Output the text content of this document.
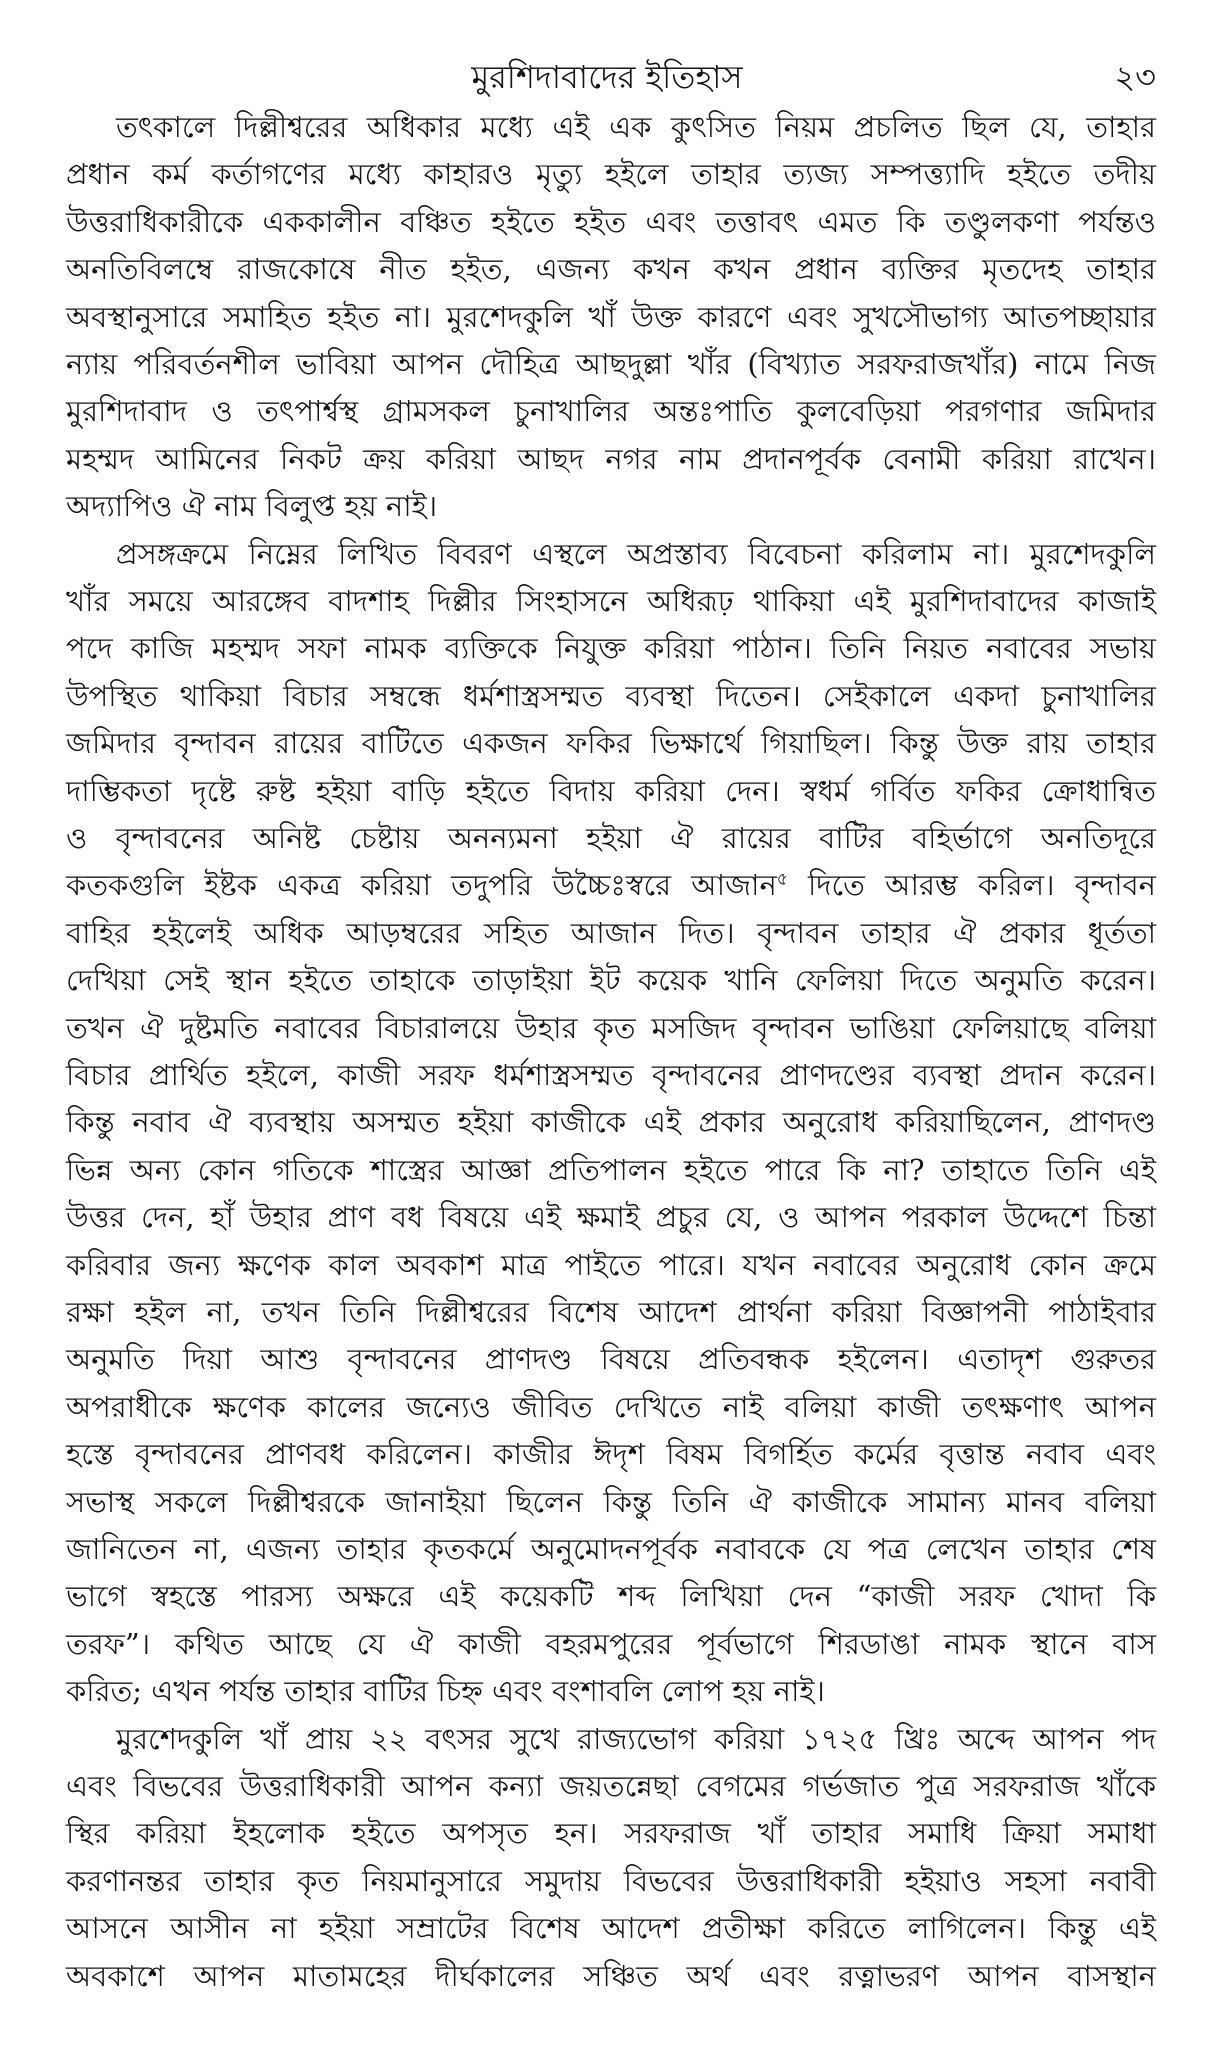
মুরশিদাবাদের ইতিহাস	২৩
তৎকালে দিল্লীশ্বরের অধিকার মধ্যে এই এক কুৎসিত নিয়ম প্রচলিত ছিল যে, তাহার
প্রধান কর্ম কর্তাগণের মধ্যে কাহারও মৃত্যু হইলে তাহার ত্যজ্য সম্পত্ত্যাদি হইতে তদীয়
উত্তরাধিকারীকে এককালীন বঞ্চিত হইতে হইত এবং তত্তাবৎ এমত কি তণ্ডুলকণা পর্যন্তও
অনতিবিলম্বে রাজকোষে নীত হইত, এজন্য কখন কখন প্রধান ব্যক্তির মৃতদেহ তাহার
অবস্থানুসারে সমাহিত হইত না। মুরশেদকুলি খাঁ উক্ত কারণে এবং সুখসৌভাগ্য আতপচ্ছায়ার
ন্যায় পরিবর্তনশীল ভাবিয়া আপন দৌহিত্র আছদুল্লা খাঁর (বিখ্যাত সরফরাজখাঁর) নামে নিজ
মুরশিদাবাদ ও তৎপার্শ্বস্থ গ্রামসকল চুনাখালির অন্তঃপাতি কুলবেড়িয়া পরগণার জমিদার
মহম্মদ আমিনের নিকট ক্রয় করিয়া আছদ নগর নাম প্রদানপূর্বক বেনামী করিয়া রাখেন।
অদ্যাপিও ঐ নাম বিলুপ্ত হয় নাই।
প্রসঙ্গক্রমে নিম্নের লিখিত বিবরণ এস্থলে অপ্রস্তাব্য বিবেচনা করিলাম না। মুরশেদকুলি
খাঁর সময়ে আরঙ্গেব বাদশাহ দিল্লীর সিংহাসনে অধিরূঢ় থাকিয়া এই মুরশিদাবাদের কাজাই
পদে কাজি মহম্মদ সফা নামক ব্যক্তিকে নিযুক্ত করিয়া পাঠান। তিনি নিয়ত নবাবের সভায়
উপস্থিত থাকিয়া বিচার সম্বন্ধে ধর্মশাস্ত্রসম্মত ব্যবস্থা দিতেন। সেইকালে একদা চুনাখালির
জমিদার বৃন্দাবন রায়ের বাটিতে একজন ফকির ভিক্ষার্থে গিয়াছিল। কিন্তু উক্ত রায় তাহার
দাম্ভিকতা দৃষ্টে রুষ্ট হইয়া বাড়ি হইতে বিদায় করিয়া দেন। স্বধর্ম গর্বিত ফকির ক্রোধান্বিত
ও বৃন্দাবনের অনিষ্ট চেষ্টায় অনন্যমনা হইয়া ঐ রায়ের বাটির বহির্ভাগে অনতিদূরে
কতকগুলি ইষ্টক একত্র করিয়া তদুপরি উচ্চৈঃস্বরে আজান$^৫$ দিতে আরম্ভ করিল। বৃন্দাবন
বাহির হইলেই অধিক আড়ম্বরের সহিত আজান দিত। বৃন্দাবন তাহার ঐ প্রকার ধূর্ততা
দেখিয়া সেই স্থান হইতে তাহাকে তাড়াইয়া ইট কয়েক খানি ফেলিয়া দিতে অনুমতি করেন।
তখন ঐ দুষ্টমতি নবাবের বিচারালয়ে উহার কৃত মসজিদ বৃন্দাবন ভাঙিয়া ফেলিয়াছে বলিয়া
বিচার প্রার্থিত হইলে, কাজী সরফ ধর্মশাস্ত্রসম্মত বৃন্দাবনের প্রাণদণ্ডের ব্যবস্থা প্রদান করেন।
কিন্তু নবাব ঐ ব্যবস্থায় অসম্মত হইয়া কাজীকে এই প্রকার অনুরোধ করিয়াছিলেন, প্রাণদণ্ড
ভিন্ন অন্য কোন গতিকে শাস্ত্রের আজ্ঞা প্রতিপালন হইতে পারে কি না? তাহাতে তিনি এই
উত্তর দেন, হাঁ উহার প্রাণ বধ বিষয়ে এই ক্ষমাই প্রচুর যে, ও আপন পরকাল উদ্দেশে চিন্তা
করিবার জন্য ক্ষণেক কাল অবকাশ মাত্র পাইতে পারে। যখন নবাবের অনুরোধ কোন ক্রমে
রক্ষা হইল না, তখন তিনি দিল্লীশ্বরের বিশেষ আদেশ প্রার্থনা করিয়া বিজ্ঞাপনী পাঠাইবার
অনুমতি দিয়া আশু বৃন্দাবনের প্রাণদণ্ড বিষয়ে প্রতিবন্ধক হইলেন। এতাদৃশ গুরুতর
অপরাধীকে ক্ষণেক কালের জন্যেও জীবিত দেখিতে নাই বলিয়া কাজী তৎক্ষণাৎ আপন
হস্তে বৃন্দাবনের প্রাণবধ করিলেন। কাজীর ঈদৃশ বিষম বিগর্হিত কর্মের বৃত্তান্ত নবাব এবং
সভাস্থ সকলে দিল্লীশ্বরকে জানাইয়া ছিলেন কিন্তু তিনি ঐ কাজীকে সামান্য মানব বলিয়া
জানিতেন না, এজন্য তাহার কৃতকর্মে অনুমোদনপূর্বক নবাবকে যে পত্র লেখেন তাহার শেষ
ভাগে স্বহস্তে পারস্য অক্ষরে এই কয়েকটি শব্দ লিখিয়া দেন “কাজী সরফ খোদা কি
তরফ”। কথিত আছে যে ঐ কাজী বহরমপুরের পূর্বভাগে শিরডাঙা নামক স্থানে বাস
করিত; এখন পর্যন্ত তাহার বাটির চিহ্ন এবং বংশাবলি লোপ হয় নাই।
মুরশেদকুলি খাঁ প্রায় ২২ বৎসর সুখে রাজ্যভোগ করিয়া ১৭২৫ খ্রিঃ অব্দে আপন পদ
এবং বিভবের উত্তরাধিকারী আপন কন্যা জয়তন্নেছা বেগমের গর্ভজাত পুত্র সরফরাজ খাঁকে
স্থির করিয়া ইহলোক হইতে অপসৃত হন। সরফরাজ খাঁ তাহার সমাধি ক্রিয়া সমাধা
করণানন্তর তাহার কৃত নিয়মানুসারে সমুদায় বিভবের উত্তরাধিকারী হইয়াও সহসা নবাবী
আসনে আসীন না হইয়া সম্রাটের বিশেষ আদেশ প্রতীক্ষা করিতে লাগিলেন। কিন্তু এই
অবকাশে আপন মাতামহের দীর্ঘকালের সঞ্চিত অর্থ এবং রত্নাভরণ আপন বাসস্থান
